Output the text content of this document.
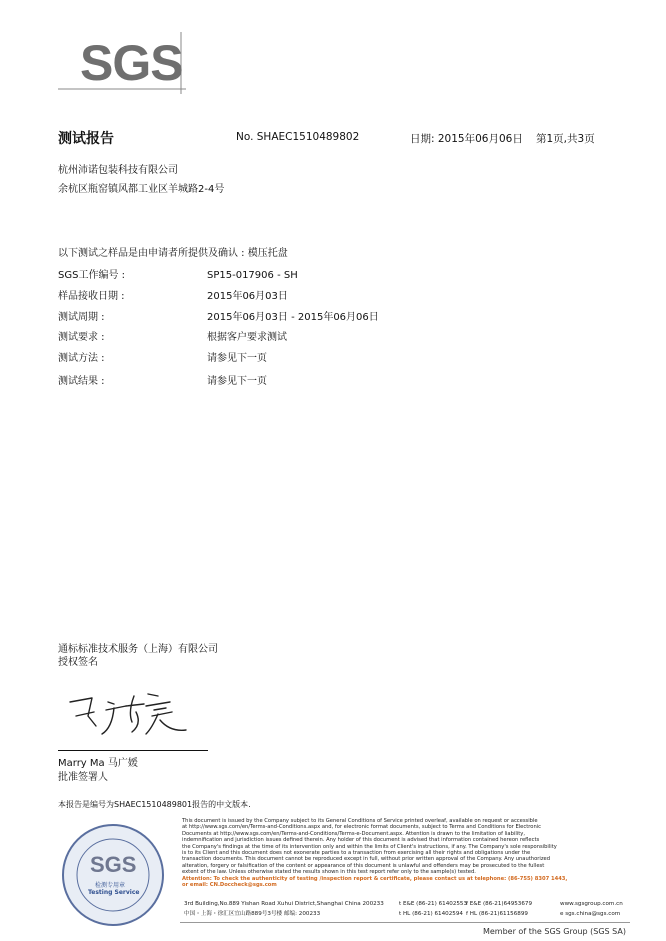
SGS
测试报告	No. SHAEC1510489802	日期: 2015年06月06日 第1页,共3页
杭州沛诺包装科技有限公司
余杭区瓶窑镇风都工业区羊城路2-4号
以下测试之样品是由申请者所提供及确认 : 模压托盘
SGS工作编号 :	SP15-017906 - SH
样品接收日期 :	2015年06月03日
测试周期 :	2015年06月03日 - 2015年06月06日
测试要求 :	根据客户要求测试
测试方法 :	请参见下一页
测试结果 :	请参见下一页
通标标准技术服务（上海）有限公司
授权签名
Marry Ma 马广媛
批准签署人
本报告是编号为SHAEC1510489801报告的中文版本.
SGS
检测专用章
Testing Service
This document is issued by the Company subject to its General Conditions of Service printed overleaf, available on request or accessible
at http://www.sgs.com/en/Terms-and-Conditions.aspx and, for electronic format documents, subject to Terms and Conditions for Electronic
Documents at http://www.sgs.com/en/Terms-and-Conditions/Terms-e-Document.aspx. Attention is drawn to the limitation of liability,
indemnification and jurisdiction issues defined therein. Any holder of this document is advised that information contained hereon reflects
the Company's findings at the time of its intervention only and within the limits of Client's instructions, if any. The Company's sole responsibility
is to its Client and this document does not exonerate parties to a transaction from exercising all their rights and obligations under the
transaction documents. This document cannot be reproduced except in full, without prior written approval of the Company. Any unauthorized
alteration, forgery or falsification of the content or appearance of this document is unlawful and offenders may be prosecuted to the fullest
extent of the law. Unless otherwise stated the results shown in this test report refer only to the sample(s) tested.
Attention: To check the authenticity of testing /inspection report & certificate, please contact us at telephone: (86-755) 8307 1443,
or email: CN.Doccheck@sgs.com
3rd Building,No.889 Yishan Road Xuhui District,Shanghai China 200233
中国・上海・徐汇区宜山路889号3号楼 邮编: 200233
t E&E (86-21) 61402553
f E&E (86-21)64953679
t HL (86-21) 61402594 f HL (86-21)61156899
www.sgsgroup.com.cn
e sgs.china@sgs.com
Member of the SGS Group (SGS SA)
